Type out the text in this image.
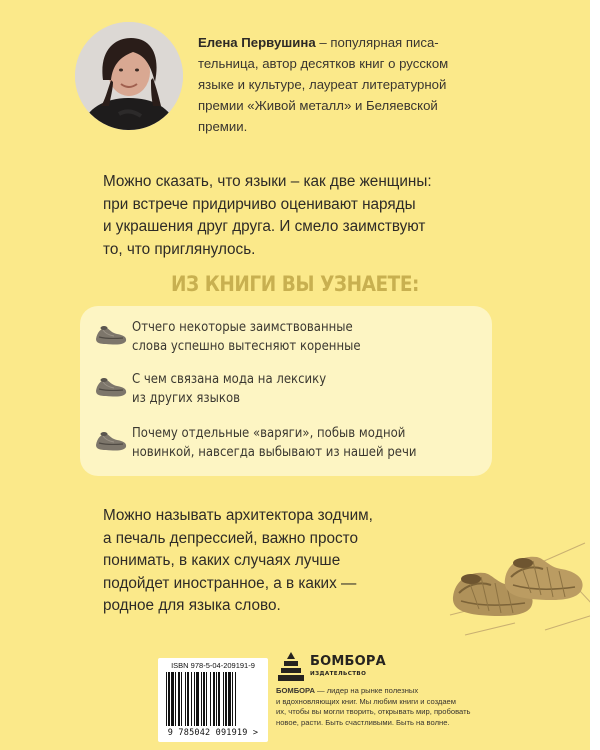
Елена Первушина – популярная писа-
тельница, автор десятков книг о русском
языке и культуре, лауреат литературной
премии «Живой металл» и Беляевской
премии.
Можно сказать, что языки – как две женщины:
при встрече придирчиво оценивают наряды
и украшения друг друга. И смело заимствуют
то, что приглянулось.
ИЗ КНИГИ ВЫ УЗНАЕТЕ:
Отчего некоторые заимствованные
слова успешно вытесняют коренные
С чем связана мода на лексику
из других языков
Почему отдельные «варяги», побыв модной
новинкой, навсегда выбывают из нашей речи
Можно называть архитектора зодчим,
а печаль депрессией, важно просто
понимать, в каких случаях лучше
подойдет иностранное, а в каких —
родное для языка слово.
ISBN 978-5-04-209191-9
9 785042 091919 >
БОМБОРА
ИЗДАТЕЛЬСТВО
БОМБОРА — лидер на рынке полезных
и вдохновляющих книг. Мы любим книги и создаем
их, чтобы вы могли творить, открывать мир, пробовать
новое, расти. Быть счастливыми. Быть на волне.
